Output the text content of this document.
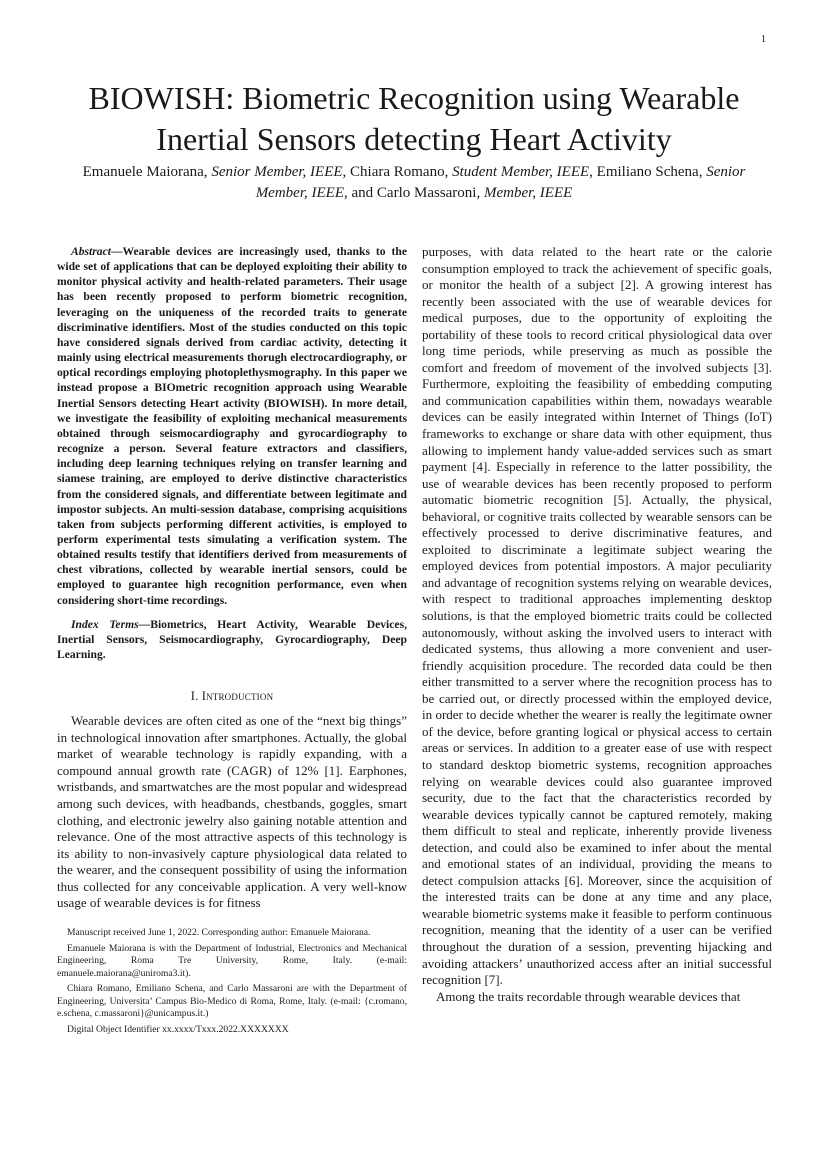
1
BIOWISH: Biometric Recognition using Wearable Inertial Sensors detecting Heart Activity
Emanuele Maiorana, Senior Member, IEEE, Chiara Romano, Student Member, IEEE, Emiliano Schena, Senior Member, IEEE, and Carlo Massaroni, Member, IEEE

Abstract—Wearable devices are increasingly used, thanks to the wide set of applications that can be deployed exploiting their ability to monitor physical activity and health-related parameters. Their usage has been recently proposed to perform biometric recognition, leveraging on the uniqueness of the recorded traits to generate discriminative identifiers. Most of the studies conducted on this topic have considered signals derived from cardiac activity, detecting it mainly using electrical measurements thorugh electrocardiography, or optical recordings employing photoplethysmography. In this paper we instead propose a BIOmetric recognition approach using Wearable Inertial Sensors detecting Heart activity (BIOWISH). In more detail, we investigate the feasibility of exploiting mechanical measurements obtained through seismocardiography and gyrocardiography to recognize a person. Several feature extractors and classifiers, including deep learning techniques relying on transfer learning and siamese training, are employed to derive distinctive characteristics from the considered signals, and differentiate between legitimate and impostor subjects. An multi-session database, comprising acquisitions taken from subjects performing different activities, is employed to perform experimental tests simulating a verification system. The obtained results testify that identifiers derived from measurements of chest vibrations, collected by wearable inertial sensors, could be employed to guarantee high recognition performance, even when considering short-time recordings.

Index Terms—Biometrics, Heart Activity, Wearable Devices, Inertial Sensors, Seismocardiography, Gyrocardiography, Deep Learning.

I. Introduction

Wearable devices are often cited as one of the “next big things” in technological innovation after smartphones. Actually, the global market of wearable technology is rapidly expanding, with a compound annual growth rate (CAGR) of 12% [1]. Earphones, wristbands, and smartwatches are the most popular and widespread among such devices, with headbands, chestbands, goggles, smart clothing, and electronic jewelry also gaining notable attention and relevance. One of the most attractive aspects of this technology is its ability to non-invasively capture physiological data related to the wearer, and the consequent possibility of using the information thus collected for any conceivable application. A very well-know usage of wearable devices is for fitness

Manuscript received June 1, 2022. Corresponding author: Emanuele Maiorana.

Emanuele Maiorana is with the Department of Industrial, Electronics and Mechanical Engineering, Roma Tre University, Rome, Italy. (e-mail: emanuele.maiorana@uniroma3.it).

Chiara Romano, Emiliano Schena, and Carlo Massaroni are with the Department of Engineering, Universita’ Campus Bio-Medico di Roma, Rome, Italy. (e-mail: {c.romano, e.schena, c.massaroni}@unicampus.it.)

Digital Object Identifier xx.xxxx/Txxx.2022.XXXXXXX

purposes, with data related to the heart rate or the calorie consumption employed to track the achievement of specific goals, or monitor the health of a subject [2]. A growing interest has recently been associated with the use of wearable devices for medical purposes, due to the opportunity of exploiting the portability of these tools to record critical physiological data over long time periods, while preserving as much as possible the comfort and freedom of movement of the involved subjects [3]. Furthermore, exploiting the feasibility of embedding computing and communication capabilities within them, nowadays wearable devices can be easily integrated within Internet of Things (IoT) frameworks to exchange or share data with other equipment, thus allowing to implement handy value-added services such as smart payment [4]. Especially in reference to the latter possibility, the use of wearable devices has been recently proposed to perform automatic biometric recognition [5]. Actually, the physical, behavioral, or cognitive traits collected by wearable sensors can be effectively processed to derive discriminative features, and exploited to discriminate a legitimate subject wearing the employed devices from potential impostors. A major peculiarity and advantage of recognition systems relying on wearable devices, with respect to traditional approaches implementing desktop solutions, is that the employed biometric traits could be collected autonomously, without asking the involved users to interact with dedicated systems, thus allowing a more convenient and user-friendly acquisition procedure. The recorded data could be then either transmitted to a server where the recognition process has to be carried out, or directly processed within the employed device, in order to decide whether the wearer is really the legitimate owner of the device, before granting logical or physical access to certain areas or services. In addition to a greater ease of use with respect to standard desktop biometric systems, recognition approaches relying on wearable devices could also guarantee improved security, due to the fact that the characteristics recorded by wearable devices typically cannot be captured remotely, making them difficult to steal and replicate, inherently provide liveness detection, and could also be examined to infer about the mental and emotional states of an individual, providing the means to detect compulsion attacks [6]. Moreover, since the acquisition of the interested traits can be done at any time and any place, wearable biometric systems make it feasible to perform continuous recognition, meaning that the identity of a user can be verified throughout the duration of a session, preventing hijacking and avoiding attackers’ unauthorized access after an initial successful recognition [7].

Among the traits recordable through wearable devices that
